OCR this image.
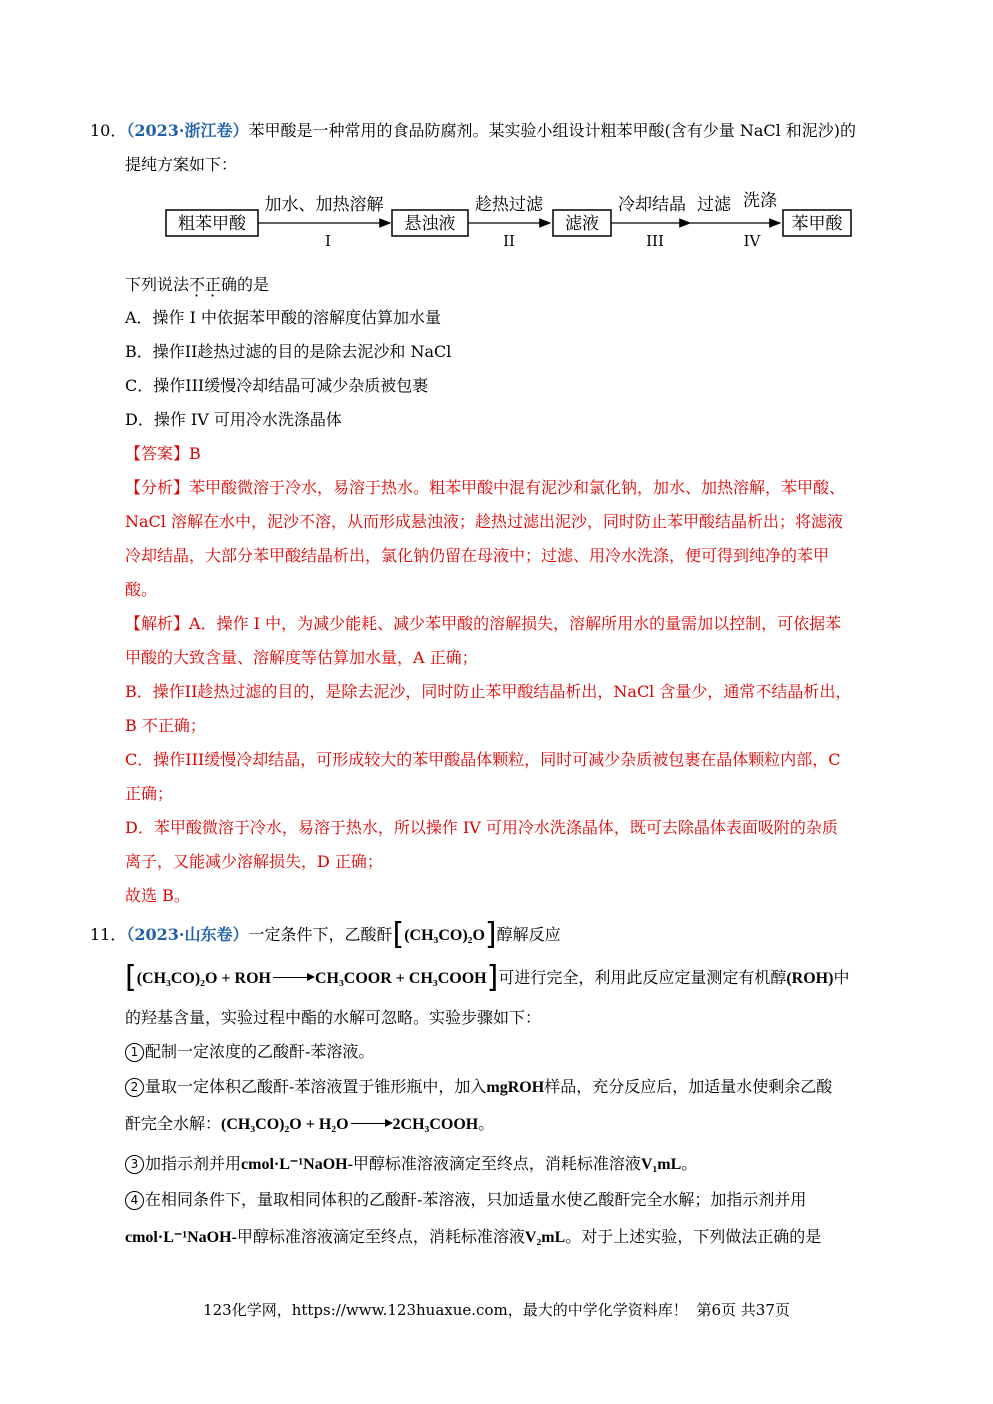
10．（2023·浙江卷）苯甲酸是一种常用的食品防腐剂。某实验小组设计粗苯甲酸(含有少量 NaCl 和泥沙)的
提纯方案如下：
粗苯甲酸
加水、加热溶解
I
悬浊液
趁热过滤
II
滤液
冷却结晶
III
过滤 洗涤
IV
苯甲酸
下列说法不正确的是
A．操作 I 中依据苯甲酸的溶解度估算加水量
B．操作II趁热过滤的目的是除去泥沙和 NaCl
C．操作III缓慢冷却结晶可减少杂质被包裹
D．操作 IV 可用冷水洗涤晶体
【答案】B
【分析】苯甲酸微溶于冷水，易溶于热水。粗苯甲酸中混有泥沙和氯化钠，加水、加热溶解，苯甲酸、
NaCl 溶解在水中，泥沙不溶，从而形成悬浊液；趁热过滤出泥沙，同时防止苯甲酸结晶析出；将滤液
冷却结晶，大部分苯甲酸结晶析出，氯化钠仍留在母液中；过滤、用冷水洗涤，便可得到纯净的苯甲
酸。
【解析】A．操作 I 中，为减少能耗、减少苯甲酸的溶解损失，溶解所用水的量需加以控制，可依据苯
甲酸的大致含量、溶解度等估算加水量，A 正确；
B．操作II趁热过滤的目的，是除去泥沙，同时防止苯甲酸结晶析出，NaCl 含量少，通常不结晶析出，
B 不正确；
C．操作III缓慢冷却结晶，可形成较大的苯甲酸晶体颗粒，同时可减少杂质被包裹在晶体颗粒内部，C
正确；
D．苯甲酸微溶于冷水，易溶于热水，所以操作 IV 可用冷水洗涤晶体，既可去除晶体表面吸附的杂质
离子，又能减少溶解损失，D 正确；
故选 B。
11．（2023·山东卷）一定条件下，乙酸酐[(CH₃CO)₂O]醇解反应
[(CH₃CO)₂O + ROH → CH₃COOR + CH₃COOH]可进行完全，利用此反应定量测定有机醇(ROH)中
的羟基含量，实验过程中酯的水解可忽略。实验步骤如下：
1 配制一定浓度的乙酸酐-苯溶液。
2 量取一定体积乙酸酐-苯溶液置于锥形瓶中，加入mgROH样品，充分反应后，加适量水使剩余乙酸
酐完全水解：(CH₃CO)₂O + H₂O	2CH₃COOH。
3 加指示剂并用cmol·L⁻¹NaOH-甲醇标准溶液滴定至终点，消耗标准溶液V₁mL。
4 在相同条件下，量取相同体积的乙酸酐-苯溶液，只加适量水使乙酸酐完全水解；加指示剂并用
cmol·L⁻¹NaOH-甲醇标准溶液滴定至终点，消耗标准溶液V₂mL。对于上述实验，下列做法正确的是
123化学网，https://www.123huaxue.com，最大的中学化学资料库！ 第6页 共37页
